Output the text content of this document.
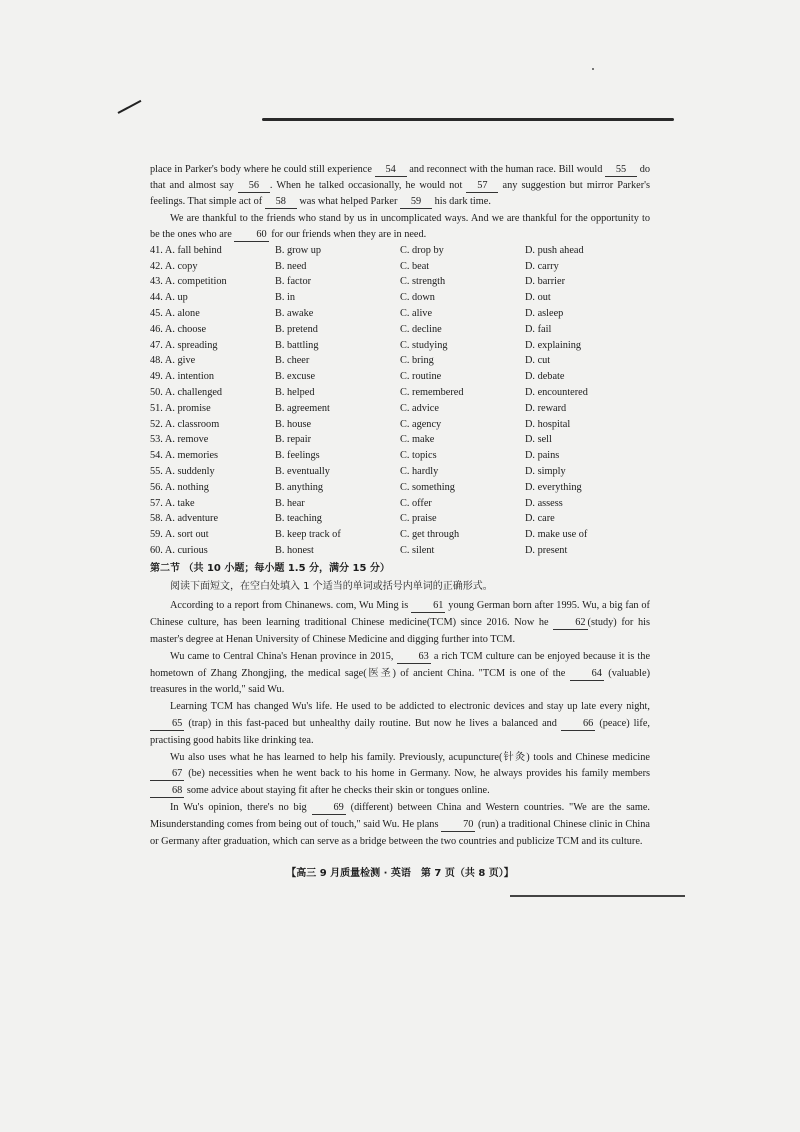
place in Parker's body where he could still experience 54 and reconnect with the human race. Bill would 55 do that and almost say 56 . When he talked occasionally, he would not 57 any suggestion but mirror Parker's feelings. That simple act of 58 was what helped Parker 59 his dark time.

We are thankful to the friends who stand by us in uncomplicated ways. And we are thankful for the opportunity to be the ones who are 60 for our friends when they are in need.

41. A. fall behind	B. grow up	C. drop by	D. push ahead
42. A. copy	B. need	C. beat	D. carry
43. A. competition	B. factor	C. strength	D. barrier
44. A. up	B. in	C. down	D. out
45. A. alone	B. awake	C. alive	D. asleep
46. A. choose	B. pretend	C. decline	D. fail
47. A. spreading	B. battling	C. studying	D. explaining
48. A. give	B. cheer	C. bring	D. cut
49. A. intention	B. excuse	C. routine	D. debate
50. A. challenged	B. helped	C. remembered	D. encountered
51. A. promise	B. agreement	C. advice	D. reward
52. A. classroom	B. house	C. agency	D. hospital
53. A. remove	B. repair	C. make	D. sell
54. A. memories	B. feelings	C. topics	D. pains
55. A. suddenly	B. eventually	C. hardly	D. simply
56. A. nothing	B. anything	C. something	D. everything
57. A. take	B. hear	C. offer	D. assess
58. A. adventure	B. teaching	C. praise	D. care
59. A. sort out	B. keep track of	C. get through	D. make use of
60. A. curious	B. honest	C. silent	D. present
第二节 （共 10 小题；每小题 1.5 分，满分 15 分）
阅读下面短文，在空白处填入 1 个适当的单词或括号内单词的正确形式。

According to a report from Chinanews. com, Wu Ming is 61 young German born after 1995. Wu, a big fan of Chinese culture, has been learning traditional Chinese medicine(TCM) since 2016. Now he	62 (study) for his master's degree at Henan University of Chinese Medicine and digging further into TCM.

Wu came to Central China's Henan province in 2015, 63 a rich TCM culture can be enjoyed because it is the hometown of Zhang Zhongjing, the medical sage(医圣) of ancient China. "TCM is one of the	64 (valuable) treasures in the world," said Wu.

Learning TCM has changed Wu's life. He used to be addicted to electronic devices and stay up late every night, 65 (trap) in this fast-paced but unhealthy daily routine. But now he lives a balanced and	66 (peace) life, practising good habits like drinking tea.

Wu also uses what he has learned to help his family. Previously, acupuncture(针灸) tools and Chinese medicine 67 (be) necessities when he went back to his home in Germany. Now, he always provides his family members 68 some advice about staying fit after he checks their skin or tongues online.

In Wu's opinion, there's no big	69 (different) between China and Western countries. "We are the same. Misunderstanding comes from being out of touch," said Wu. He plans 70 (run) a traditional Chinese clinic in China or Germany after graduation, which can serve as a bridge between the two countries and publicize TCM and its culture.

【高三 9 月质量检测 · 英语　第 7 页（共 8 页）】
